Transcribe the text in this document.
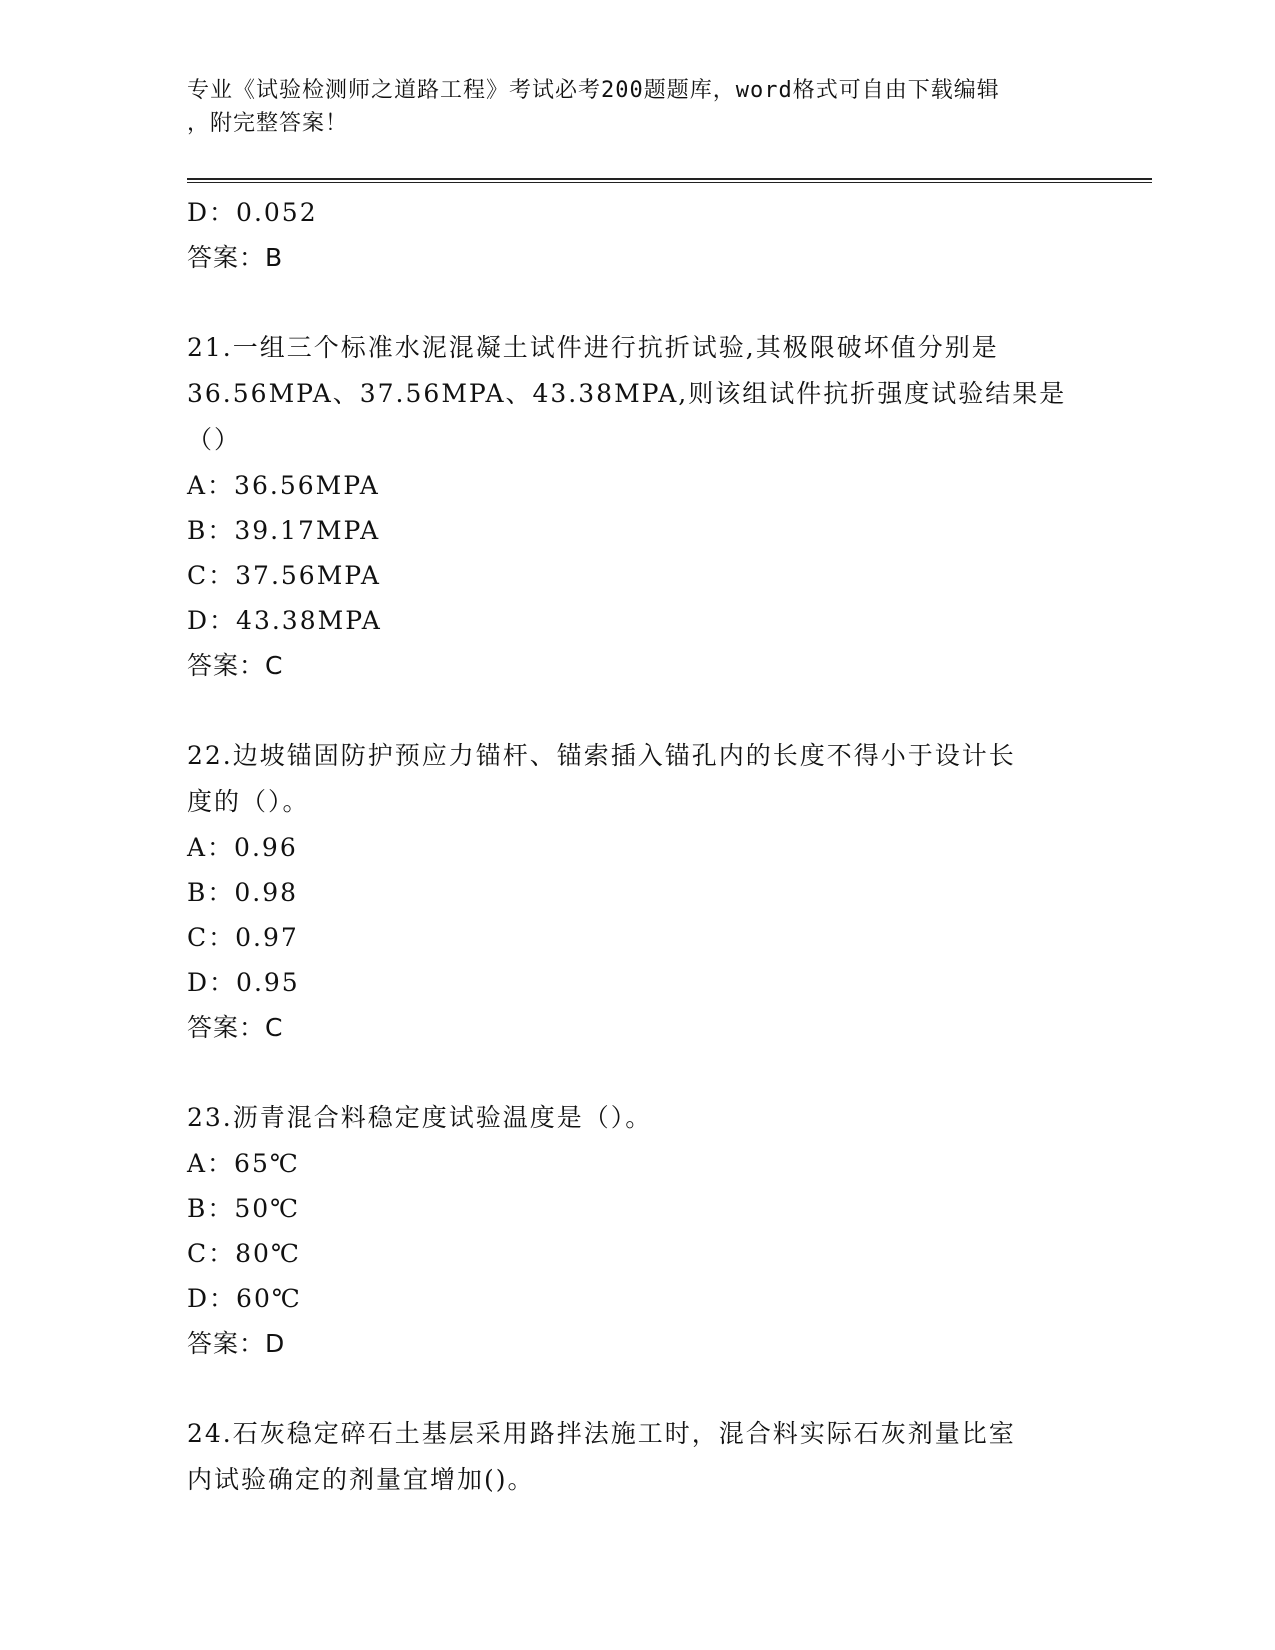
专业《试验检测师之道路工程》考试必考200题题库，word格式可自由下载编辑
，附完整答案！
D：0.052
答案：B
21.一组三个标准水泥混凝土试件进行抗折试验,其极限破坏值分别是
36.56MPA、37.56MPA、43.38MPA,则该组试件抗折强度试验结果是（）
A：36.56MPA
B：39.17MPA
C：37.56MPA
D：43.38MPA
答案：C
22.边坡锚固防护预应力锚杆、锚索插入锚孔内的长度不得小于设计长
度的（）。
A：0.96
B：0.98
C：0.97
D：0.95
答案：C
23.沥青混合料稳定度试验温度是（）。
A：65℃
B：50℃
C：80℃
D：60℃
答案：D
24.石灰稳定碎石土基层采用路拌法施工时，混合料实际石灰剂量比室
内试验确定的剂量宜增加()。
